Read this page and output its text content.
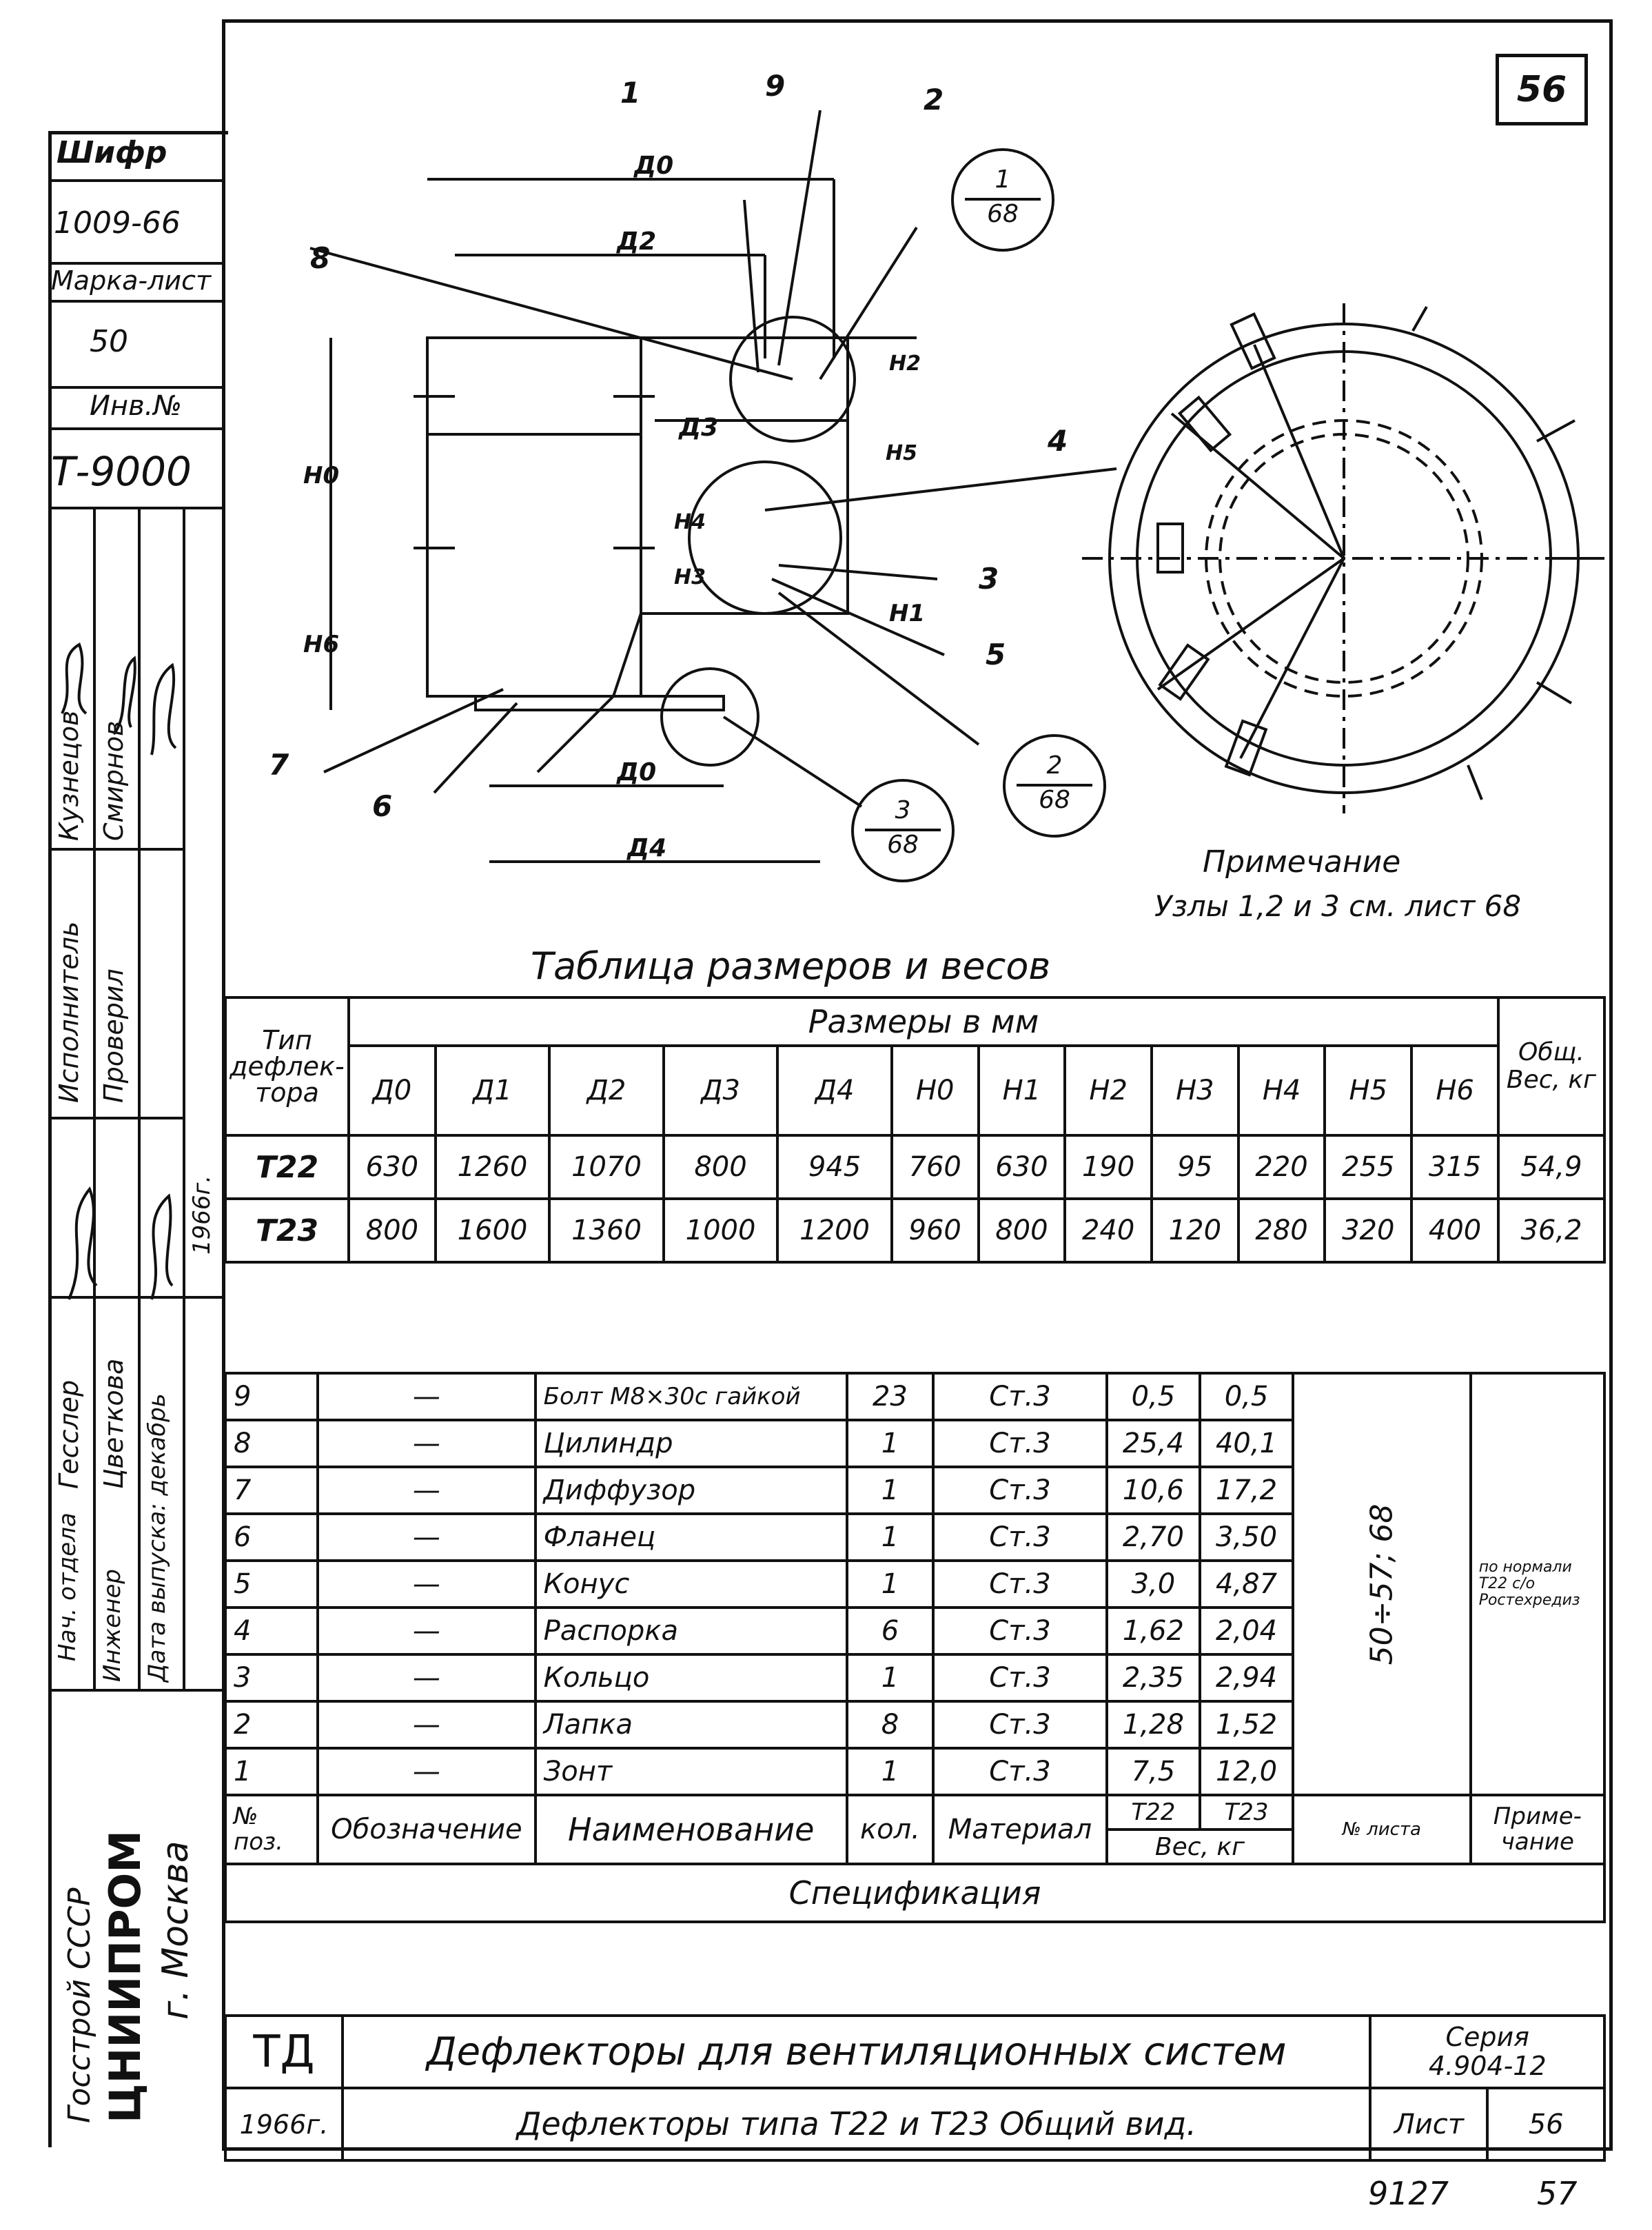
56
Шифр
1009-66
Марка-лист
50
Инв.№
Т-9000
Исполнитель
Кузнецов
Проверил
Смирнов
Нач. отдела
Гесслер
Инженер
Цветкова Дата выпуска: декабрь
1966г.
Госстрой СССР ЦНИИПРОМ г. Москва
1	9	2
8
4
3
5
7
6
Д0
Д2
Д3
Д0
Д4
H0
H6
H4
H3
H1
H2
H5
1
68
2
68
3
68	Примечание
Узлы 1,2 и 3 см. лист 68
Таблица размеров и весов
Тип дефлек-тора	Размеры в мм												Общ. Вес, кг
	Д0	Д1	Д2	Д3	Д4	H0	H1	H2	H3	H4	H5	H6	
Т22	630	1260	1070	800	945	760	630	190	95	220	255	315	54,9
Т23	800	1600	1360	1000	1200	960	800	240	120	280	320	400	36,2
9	—	Болт М8×30с гайкой	23	Ст.3	0,5	0,5	50÷57; 68	по нормали Т22 с/о Ростехредиз
8	—	Цилиндр	1	Ст.3	25,4	40,1		
7	—	Диффузор	1	Ст.3	10,6	17,2		
6	—	Фланец	1	Ст.3	2,70	3,50		
5	—	Конус	1	Ст.3	3,0	4,87		
4	—	Распорка	6	Ст.3	1,62	2,04		
3	—	Кольцо	1	Ст.3	2,35	2,94		
2	—	Лапка	8	Ст.3	1,28	1,52		
1	—	Зонт	1	Ст.3	7,5	12,0		
№ поз.	Обозначение	Наименование	кол.	Материал	Т22	Т23	№ листа	Приме-чание
					Вес, кг			
Спецификация								
ТД	Дефлекторы для вентиляционных систем	Серия
4.904-12	

1966г.	Дефлекторы типа Т22 и Т23 Общий вид.	Лист	56
9127	57
